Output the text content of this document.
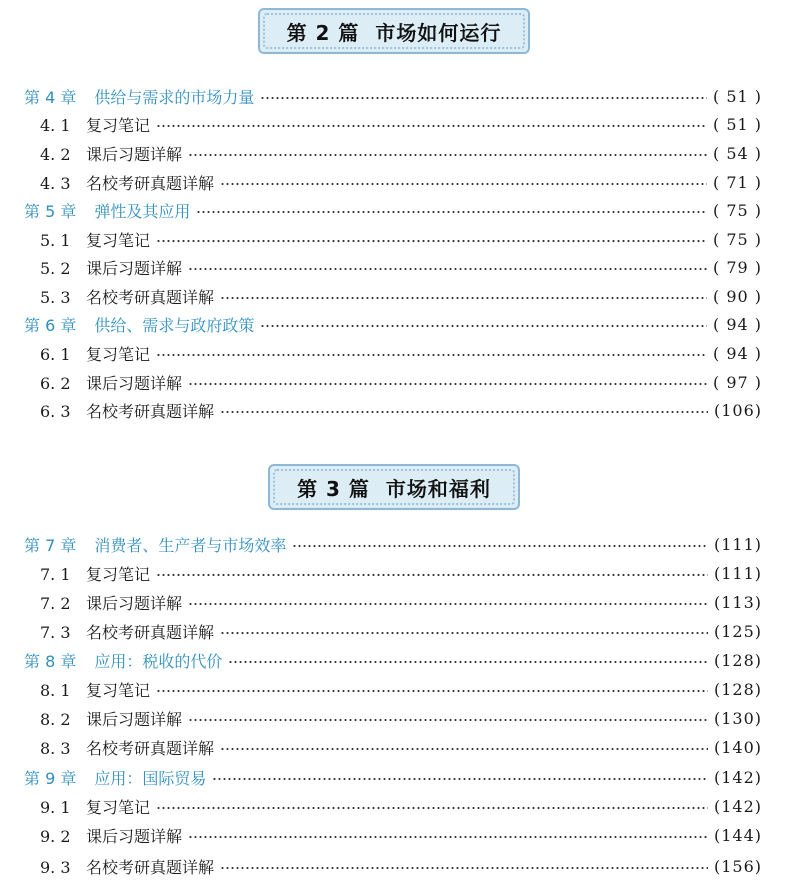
第 2 篇 市场如何运行
第 4 章 供给与需求的市场力量	( 51 )
4. 1 复习笔记	( 51 )
4. 2 课后习题详解	( 54 )
4. 3 名校考研真题详解	( 71 )
第 5 章 弹性及其应用	( 75 )
5. 1 复习笔记	( 75 )
5. 2 课后习题详解	( 79 )
5. 3 名校考研真题详解	( 90 )
第 6 章 供给、需求与政府政策	( 94 )
6. 1 复习笔记	( 94 )
6. 2 课后习题详解	( 97 )
6. 3 名校考研真题详解	(106)
第 3 篇 市场和福利
第 7 章 消费者、生产者与市场效率	(111)
7. 1 复习笔记	(111)
7. 2 课后习题详解	(113)
7. 3 名校考研真题详解	(125)
第 8 章 应用：税收的代价	(128)
8. 1 复习笔记	(128)
8. 2 课后习题详解	(130)
8. 3 名校考研真题详解	(140)
第 9 章 应用：国际贸易	(142)
9. 1 复习笔记	(142)
9. 2 课后习题详解	(144)
9. 3 名校考研真题详解	(156)
